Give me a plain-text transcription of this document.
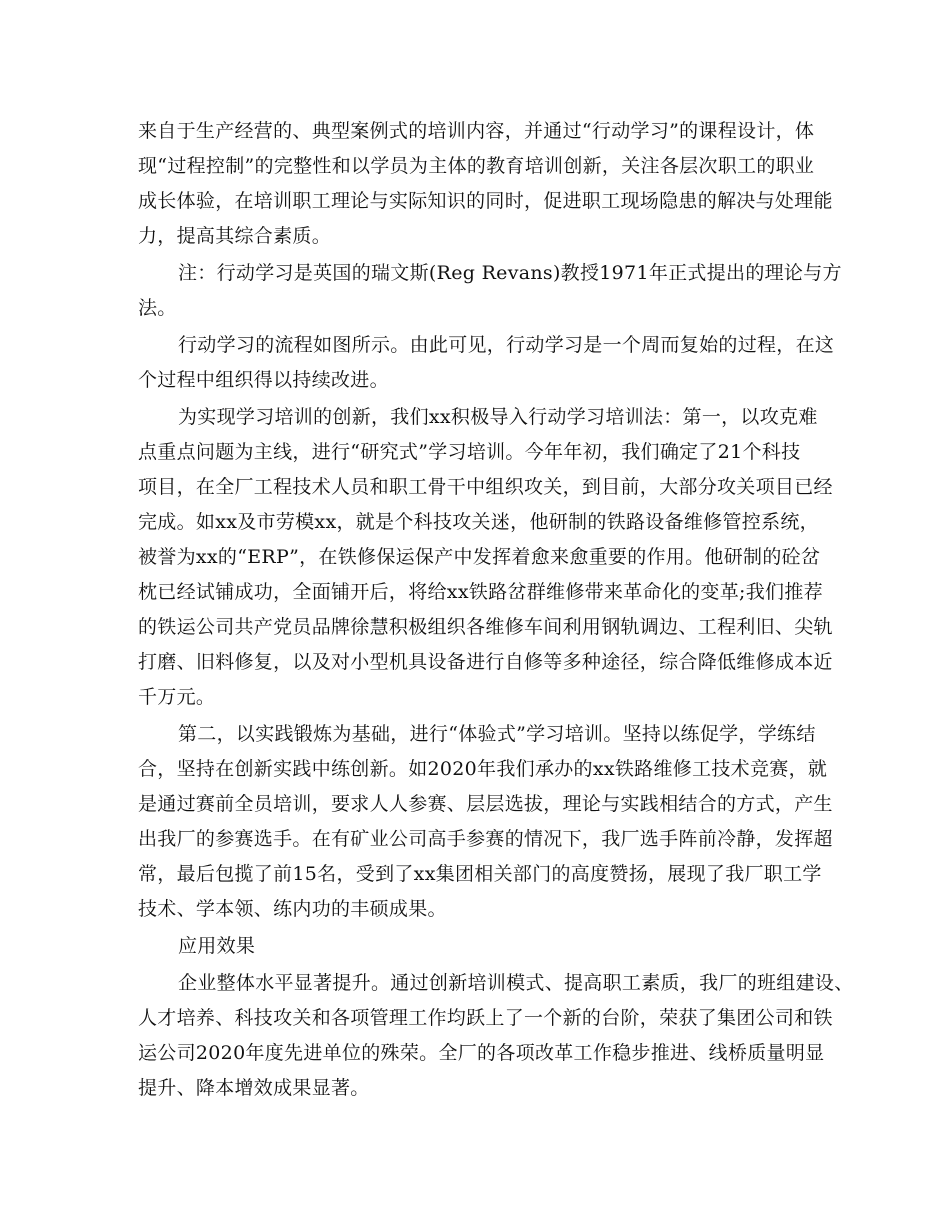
来自于生产经营的、典型案例式的培训内容，并通过“行动学习”的课程设计，体
现“过程控制”的完整性和以学员为主体的教育培训创新，关注各层次职工的职业
成长体验，在培训职工理论与实际知识的同时，促进职工现场隐患的解决与处理能
力，提高其综合素质。
注：行动学习是英国的瑞文斯(Reg Revans)教授1971年正式提出的理论与方
法。
行动学习的流程如图所示。由此可见，行动学习是一个周而复始的过程，在这
个过程中组织得以持续改进。
为实现学习培训的创新，我们xx积极导入行动学习培训法：第一，以攻克难
点重点问题为主线，进行“研究式”学习培训。今年年初，我们确定了21个科技
项目，在全厂工程技术人员和职工骨干中组织攻关，到目前，大部分攻关项目已经
完成。如xx及市劳模xx，就是个科技攻关迷，他研制的铁路设备维修管控系统，
被誉为xx的“ERP”，在铁修保运保产中发挥着愈来愈重要的作用。他研制的砼岔
枕已经试铺成功，全面铺开后，将给xx铁路岔群维修带来革命化的变革;我们推荐
的铁运公司共产党员品牌徐慧积极组织各维修车间利用钢轨调边、工程利旧、尖轨
打磨、旧料修复，以及对小型机具设备进行自修等多种途径，综合降低维修成本近
千万元。
第二，以实践锻炼为基础，进行“体验式”学习培训。坚持以练促学，学练结
合，坚持在创新实践中练创新。如2020年我们承办的xx铁路维修工技术竞赛，就
是通过赛前全员培训，要求人人参赛、层层选拔，理论与实践相结合的方式，产生
出我厂的参赛选手。在有矿业公司高手参赛的情况下，我厂选手阵前冷静，发挥超
常，最后包揽了前15名，受到了xx集团相关部门的高度赞扬，展现了我厂职工学
技术、学本领、练内功的丰硕成果。
应用效果
企业整体水平显著提升。通过创新培训模式、提高职工素质，我厂的班组建设、
人才培养、科技攻关和各项管理工作均跃上了一个新的台阶，荣获了集团公司和铁
运公司2020年度先进单位的殊荣。全厂的各项改革工作稳步推进、线桥质量明显
提升、降本增效成果显著。
